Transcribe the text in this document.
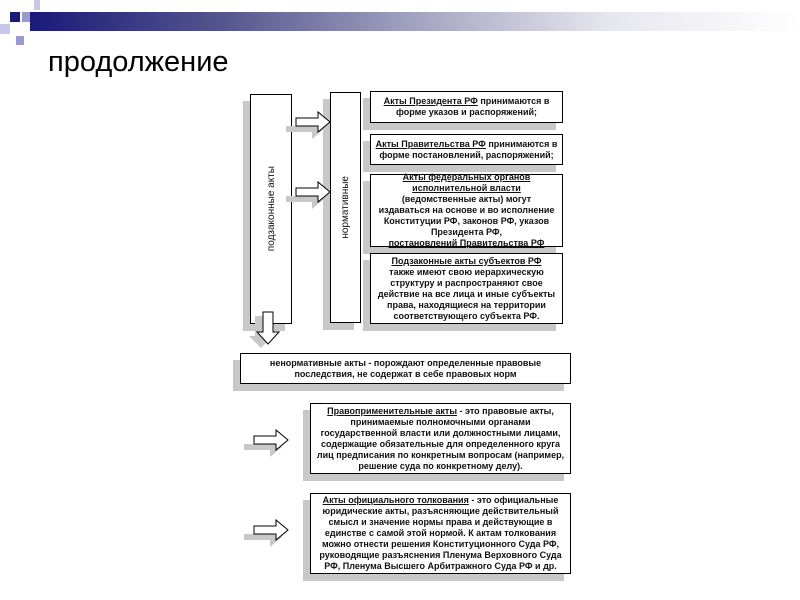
продолжение
подзаконные акты	нормативные
Акты Президента РФ принимаются в форме указов и распоряжений;
Акты Правительства РФ принимаются в форме постановлений, распоряжений;
Акты федеральных органов исполнительной власти
(ведомственные акты) могут издаваться на основе и во исполнение Конституции РФ, законов РФ, указов Президента РФ,
постановлений Правительства РФ
Подзаконные акты субъектов РФ
также имеют свою иерархическую структуру и распространяют свое действие на все лица и иные субъекты права, находящиеся на территории соответствующего субъекта РФ.
ненормативные акты - порождают определенные правовые последствия, не содержат в себе правовых норм
Правоприменительные акты - это правовые акты, принимаемые полномочными органами государственной власти или должностными лицами, содержащие обязательные для определенного круга лиц предписания по конкретным вопросам (например, решение суда по конкретному делу).
Акты официального толкования - это официальные юридические акты, разъясняющие действительный смысл и значение нормы права и действующие в единстве с самой этой нормой. К актам толкования можно отнести решения Конституционного Суда РФ, руководящие разъяснения Пленума Верховного Суда РФ, Пленума Высшего Арбитражного Суда РФ и др.
